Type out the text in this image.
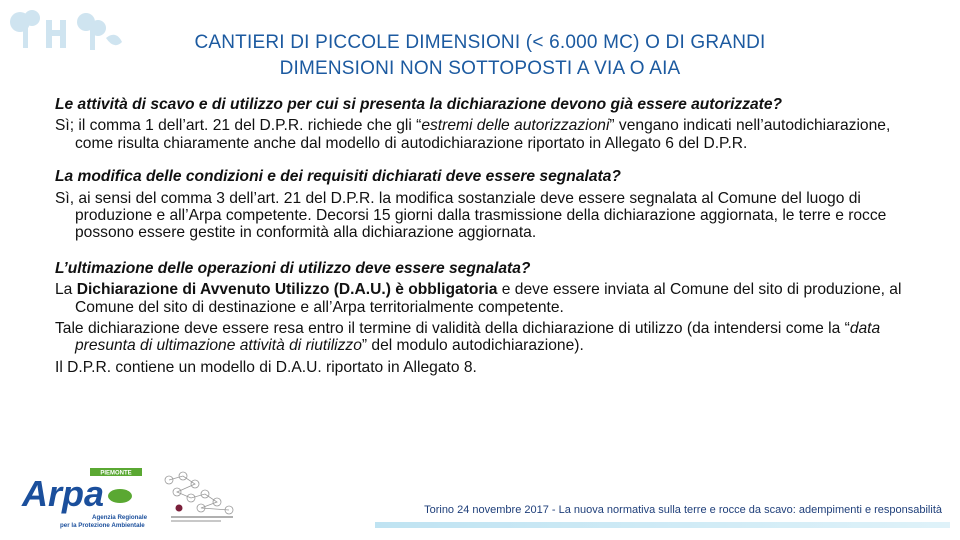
CANTIERI DI PICCOLE DIMENSIONI (< 6.000 MC) O DI GRANDI
DIMENSIONI NON SOTTOPOSTI A VIA O AIA

Le attività di scavo e di utilizzo per cui si presenta la dichiarazione devono già essere autorizzate?

Sì; il comma 1 dell’art. 21 del D.P.R. richiede che gli “estremi delle autorizzazioni” vengano indicati nell’autodichiarazione, come risulta chiaramente anche dal modello di autodichiarazione riportato in Allegato 6 del D.P.R.

La modifica delle condizioni e dei requisiti dichiarati deve essere segnalata?

Sì, ai sensi del comma 3 dell’art. 21 del D.P.R. la modifica sostanziale deve essere segnalata al Comune del luogo di produzione e all’Arpa competente. Decorsi 15 giorni dalla trasmissione della dichiarazione aggiornata, le terre e rocce possono essere gestite in conformità alla dichiarazione aggiornata.

L’ultimazione delle operazioni di utilizzo deve essere segnalata?

La Dichiarazione di Avvenuto Utilizzo (D.A.U.) è obbligatoria e deve essere inviata al Comune del sito di produzione, al Comune del sito di destinazione e all’Arpa territorialmente competente.

Tale dichiarazione deve essere resa entro il termine di validità della dichiarazione di utilizzo (da intendersi come la “data presunta di ultimazione attività di riutilizzo” del modulo autodichiarazione).

Il D.P.R. contiene un modello di D.A.U. riportato in Allegato 8.

PIEMONTE
Arpa
Agenzia Regionale
per la Protezione Ambientale
Torino 24 novembre 2017 - La nuova normativa sulla terre e rocce da scavo: adempimenti e responsabilità
